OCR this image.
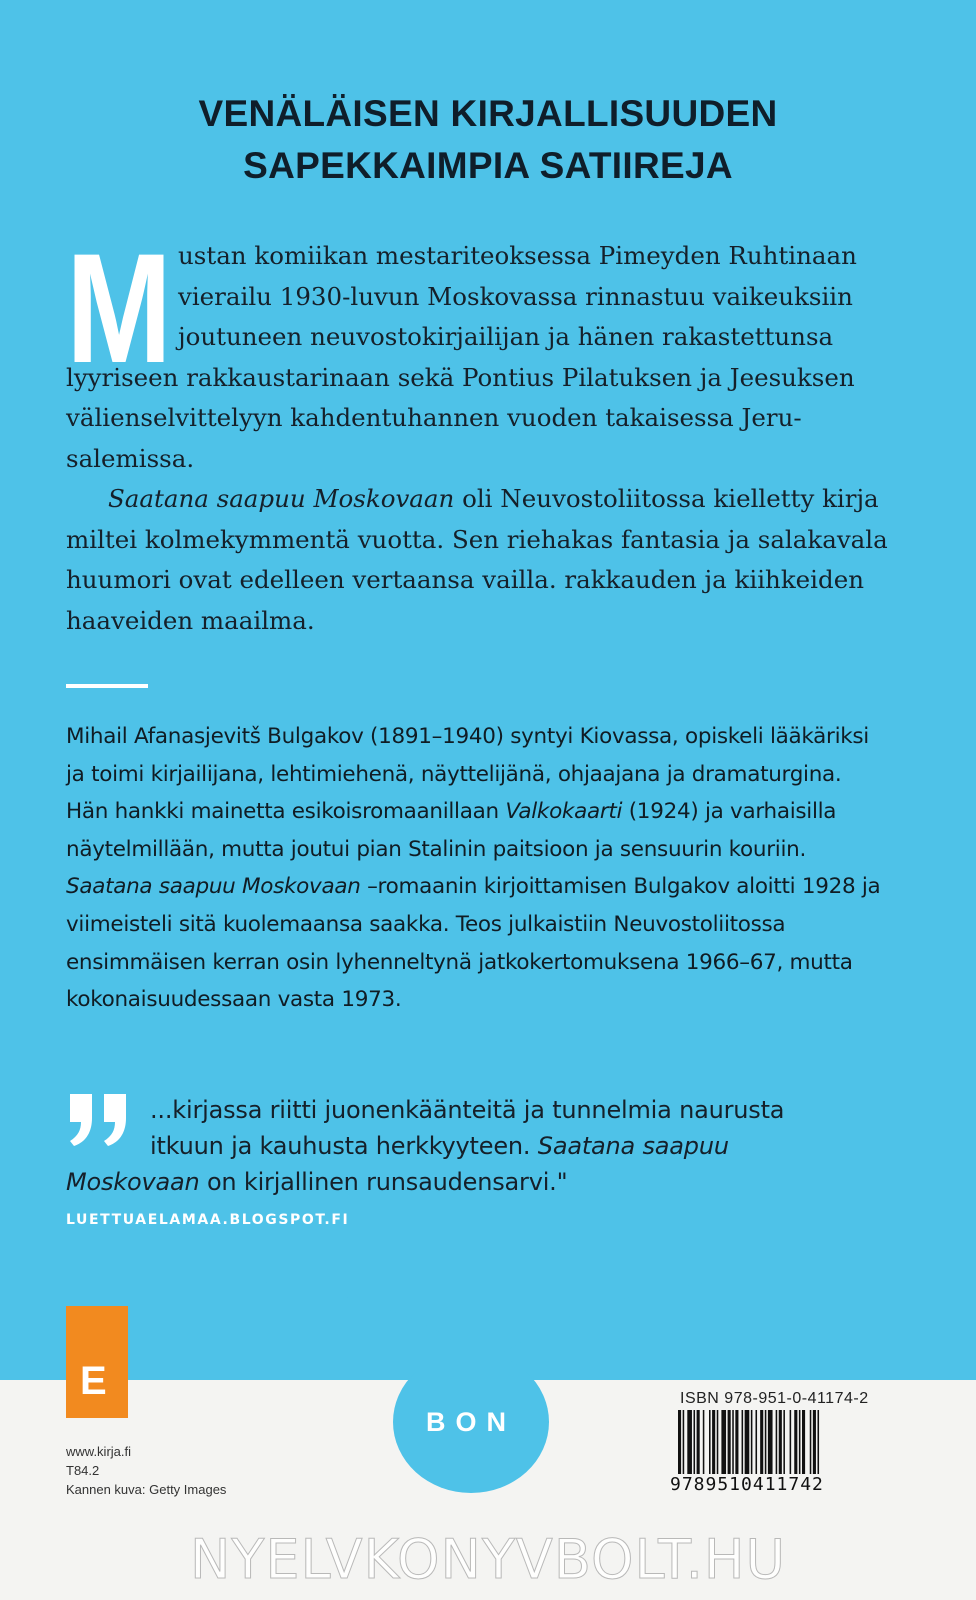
VENÄLÄISEN KIRJALLISUUDEN
SAPEKKAIMPIA SATIIREJA
M ustan komiikan mestariteoksessa Pimeyden Ruhtinaan
vierailu 1930-luvun Moskovassa rinnastuu vaikeuksiin
joutuneen neuvostokirjailijan ja hänen rakastettunsa
lyyriseen rakkaustarinaan sekä Pontius Pilatuksen ja Jeesuksen
välienselvittelyyn kahdentuhannen vuoden takaisessa Jeru-
salemissa.
Saatana saapuu Moskovaan oli Neuvostoliitossa kielletty kirja miltei kolmekymmentä vuotta. Sen riehakas fantasia ja salakavala huumori ovat edelleen vertaansa vailla. rakkauden ja kiihkeiden haaveiden maailma.
Mihail Afanasjevitš Bulgakov (1891–1940) syntyi Kiovassa, opiskeli lääkäriksi ja toimi kirjailijana, lehtimiehenä, näyttelijänä, ohjaajana ja dramaturgina. Hän hankki mainetta esikoisromaanillaan Valkokaarti (1924) ja varhaisilla näytelmillään, mutta joutui pian Stalinin paitsioon ja sensuurin kouriin. Saatana saapuu Moskovaan –romaanin kirjoittamisen Bulgakov aloitti 1928 ja viimeisteli sitä kuolemaansa saakka. Teos julkaistiin Neuvostoliitossa ensimmäisen kerran osin lyhenneltynä jatkokertomuksena 1966–67, mutta kokonaisuudessaan vasta 1973.
...kirjassa riitti juonenkäänteitä ja tunnelmia naurusta
itkuun ja kauhusta herkkyyteen. Saatana saapuu
Moskovaan on kirjallinen runsaudensarvi."
LUETTUAELAMAA.BLOGSPOT.FI
E
www.kirja.fi
T84.2
Kannen kuva: Getty Images
BON
ISBN 978-951-0-41174-2
9789510411742
NYELVKONYVBOLT.HU
